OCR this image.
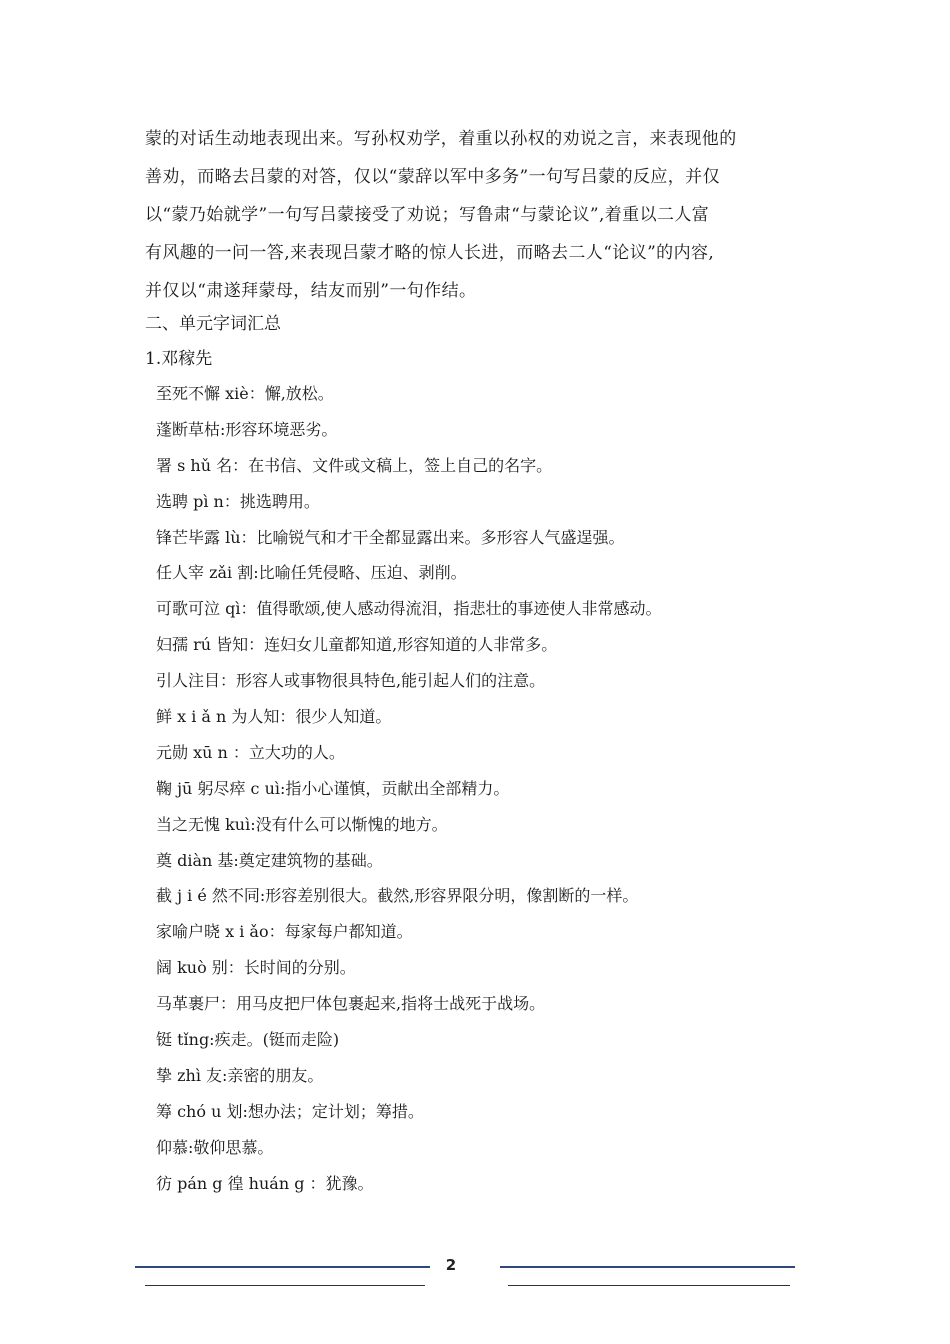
蒙的对话生动地表现出来。写孙权劝学，着重以孙权的劝说之言，来表现他的

善劝，而略去吕蒙的对答，仅以“蒙辞以军中多务”一句写吕蒙的反应，并仅

以“蒙乃始就学”一句写吕蒙接受了劝说；写鲁肃“与蒙论议”,着重以二人富

有风趣的一问一答,来表现吕蒙才略的惊人长进，而略去二人“论议”的内容,

并仅以“肃遂拜蒙母，结友而别”一句作结。

二、单元字词汇总
1.邓稼先
至死不懈 xiè：懈,放松。
蓬断草枯:形容环境恶劣。
署 s hǔ 名：在书信、文件或文稿上，签上自己的名字。
选聘 pì n：挑选聘用。
锋芒毕露 lù：比喻锐气和才干全都显露出来。多形容人气盛逞强。
任人宰 zǎi 割:比喻任凭侵略、压迫、剥削。
可歌可泣 qì：值得歌颂,使人感动得流泪，指悲壮的事迹使人非常感动。
妇孺 rú 皆知：连妇女儿童都知道,形容知道的人非常多。
引人注目：形容人或事物很具特色,能引起人们的注意。
鲜 x i ǎ n 为人知：很少人知道。
元勋 xū n ：立大功的人。
鞠 jū 躬尽瘁 c uì:指小心谨慎，贡献出全部精力。
当之无愧 kuì:没有什么可以惭愧的地方。
奠 diàn 基:奠定建筑物的基础。
截 j i é 然不同:形容差别很大。截然,形容界限分明，像割断的一样。
家喻户晓 x i ǎo：每家每户都知道。
阔 kuò 别：长时间的分别。
马革裹尸：用马皮把尸体包裹起来,指将士战死于战场。
铤 tǐng:疾走。(铤而走险)
挚 zhì 友:亲密的朋友。
筹 chó u 划:想办法；定计划；筹措。
仰慕:敬仰思慕。
彷 pán g 徨 huán g ：犹豫。
2
